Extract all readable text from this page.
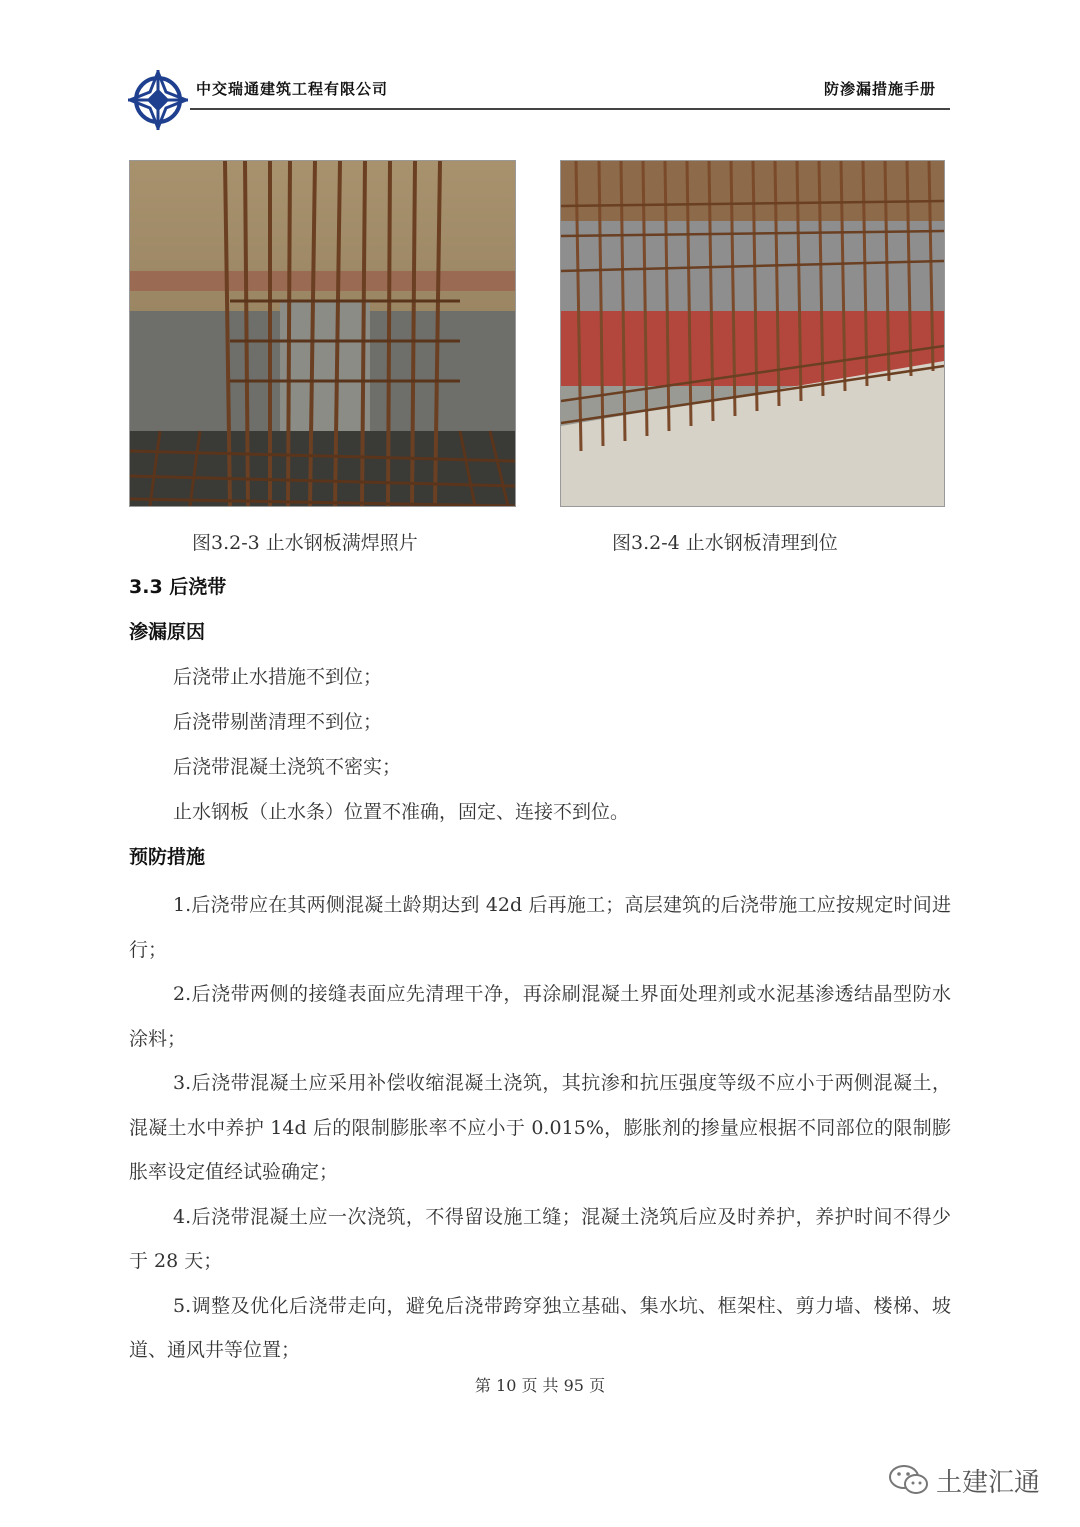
中交瑞通建筑工程有限公司	防渗漏措施手册
图3.2-3 止水钢板满焊照片	图3.2-4 止水钢板清理到位
3.3 后浇带
渗漏原因
后浇带止水措施不到位；
后浇带剔凿清理不到位；
后浇带混凝土浇筑不密实；
止水钢板（止水条）位置不准确，固定、连接不到位。
预防措施

1.后浇带应在其两侧混凝土龄期达到 42d 后再施工；高层建筑的后浇带施工应按规定时间进行；

2.后浇带两侧的接缝表面应先清理干净，再涂刷混凝土界面处理剂或水泥基渗透结晶型防水涂料；

3.后浇带混凝土应采用补偿收缩混凝土浇筑，其抗渗和抗压强度等级不应小于两侧混凝土，混凝土水中养护 14d 后的限制膨胀率不应小于 0.015%，膨胀剂的掺量应根据不同部位的限制膨胀率设定值经试验确定；

4.后浇带混凝土应一次浇筑，不得留设施工缝；混凝土浇筑后应及时养护，养护时间不得少于 28 天；

5.调整及优化后浇带走向，避免后浇带跨穿独立基础、集水坑、框架柱、剪力墙、楼梯、坡道、通风井等位置；

第 10 页 共 95 页
土建汇通
